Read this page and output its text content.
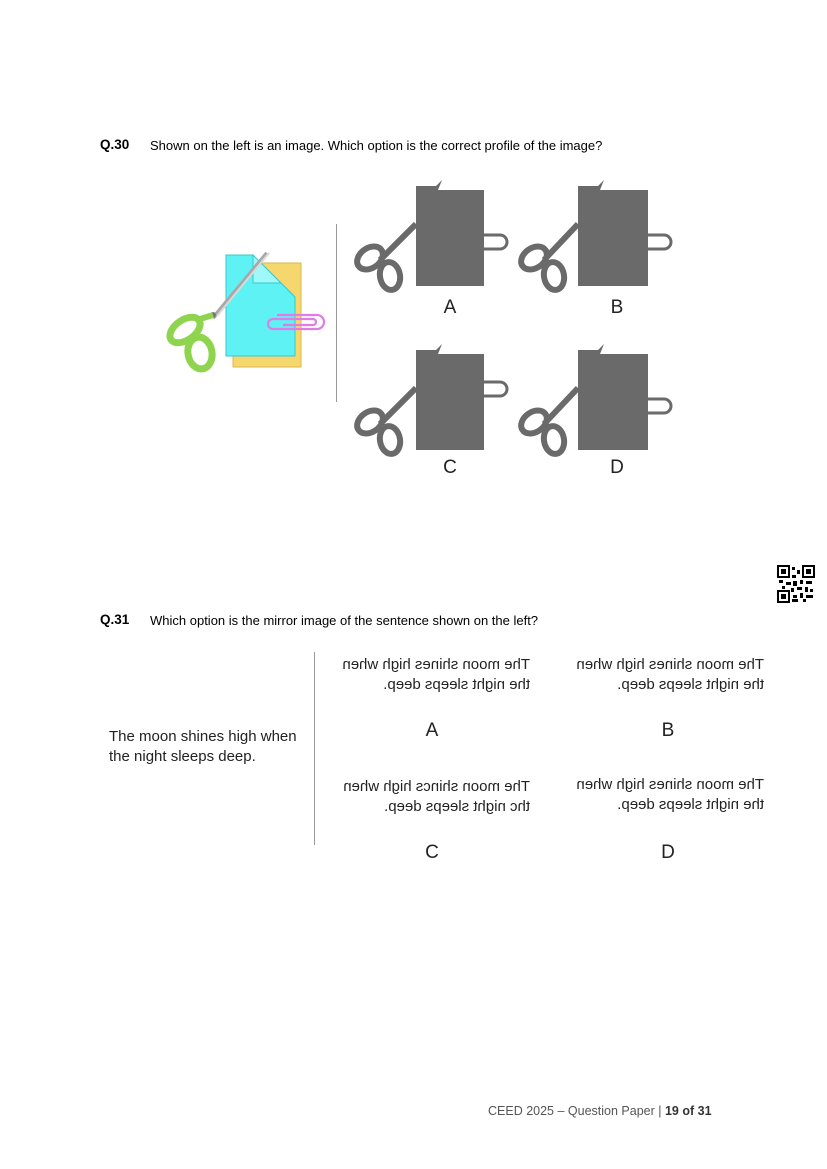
Q.30 Shown on the left is an image. Which option is the correct profile of the image?
A	B
C	D
Q.31 Which option is the mirror image of the sentence shown on the left?
The moon shines high when
the night sleeps deep.
The moon shines high when
the night sleeps deep.
A
The moon shines high when
the night sleeps deep.
B
The moon shincs high when
thc night sleeps deep.
C
The moon shines high when
the night sleeps deep.
D
CEED 2025 – Question Paper | 19 of 31
